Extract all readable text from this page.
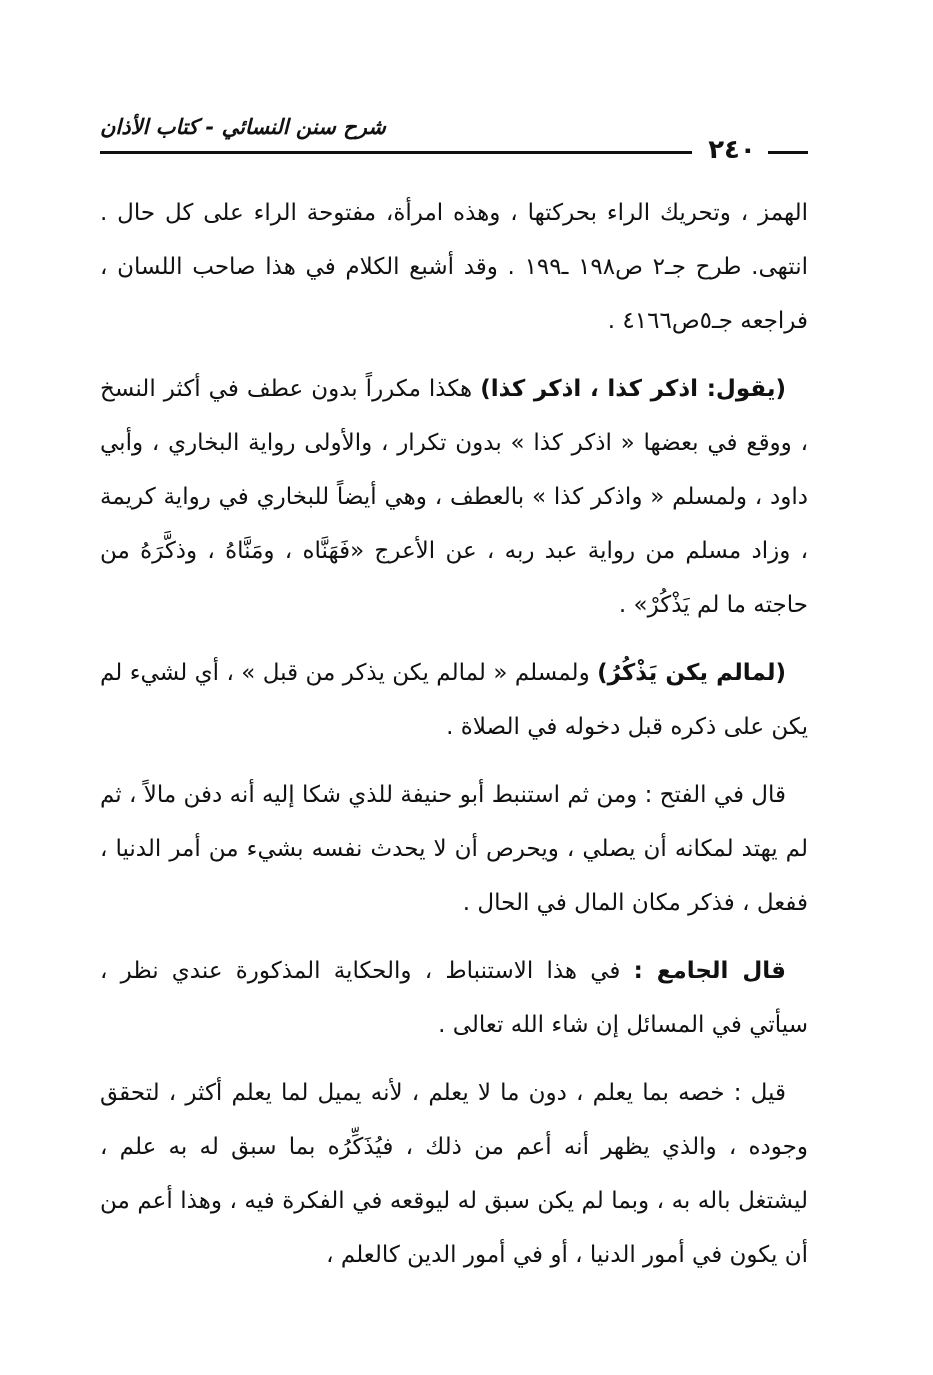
شرح سنن النسائي - كتاب الأذان
٢٤٠

الهمز ، وتحريك الراء بحركتها ، وهذه امرأة، مفتوحة الراء على كل حال . انتهى. طرح جـ٢ ص١٩٨ ـ١٩٩ . وقد أشبع الكلام في هذا صاحب اللسان ، فراجعه جـ٥ص٤١٦٦ .

(يقول: اذكر كذا ، اذكر كذا) هكذا مكرراً بدون عطف في أكثر النسخ ، ووقع في بعضها « اذكر كذا » بدون تكرار ، والأولى رواية البخاري ، وأبي داود ، ولمسلم « واذكر كذا » بالعطف ، وهي أيضاً للبخاري في رواية كريمة ، وزاد مسلم من رواية عبد ربه ، عن الأعرج «فَهَنَّاه ، ومَنَّاهُ ، وذكَّرَهُ من حاجته ما لم يَذْكُرْ» .

(لمالم يكن يَذْكُرُ) ولمسلم « لمالم يكن يذكر من قبل » ، أي لشيء لم يكن على ذكره قبل دخوله في الصلاة .

قال في الفتح : ومن ثم استنبط أبو حنيفة للذي شكا إليه أنه دفن مالاً ، ثم لم يهتد لمكانه أن يصلي ، ويحرص أن لا يحدث نفسه بشيء من أمر الدنيا ، ففعل ، فذكر مكان المال في الحال .

قال الجامع : في هذا الاستنباط ، والحكاية المذكورة عندي نظر ، سيأتي في المسائل إن شاء الله تعالى .

قيل : خصه بما يعلم ، دون ما لا يعلم ، لأنه يميل لما يعلم أكثر ، لتحقق وجوده ، والذي يظهر أنه أعم من ذلك ، فيُذَكِّرُه بما سبق له به علم ، ليشتغل باله به ، وبما لم يكن سبق له ليوقعه في الفكرة فيه ، وهذا أعم من أن يكون في أمور الدنيا ، أو في أمور الدين كالعلم ،
